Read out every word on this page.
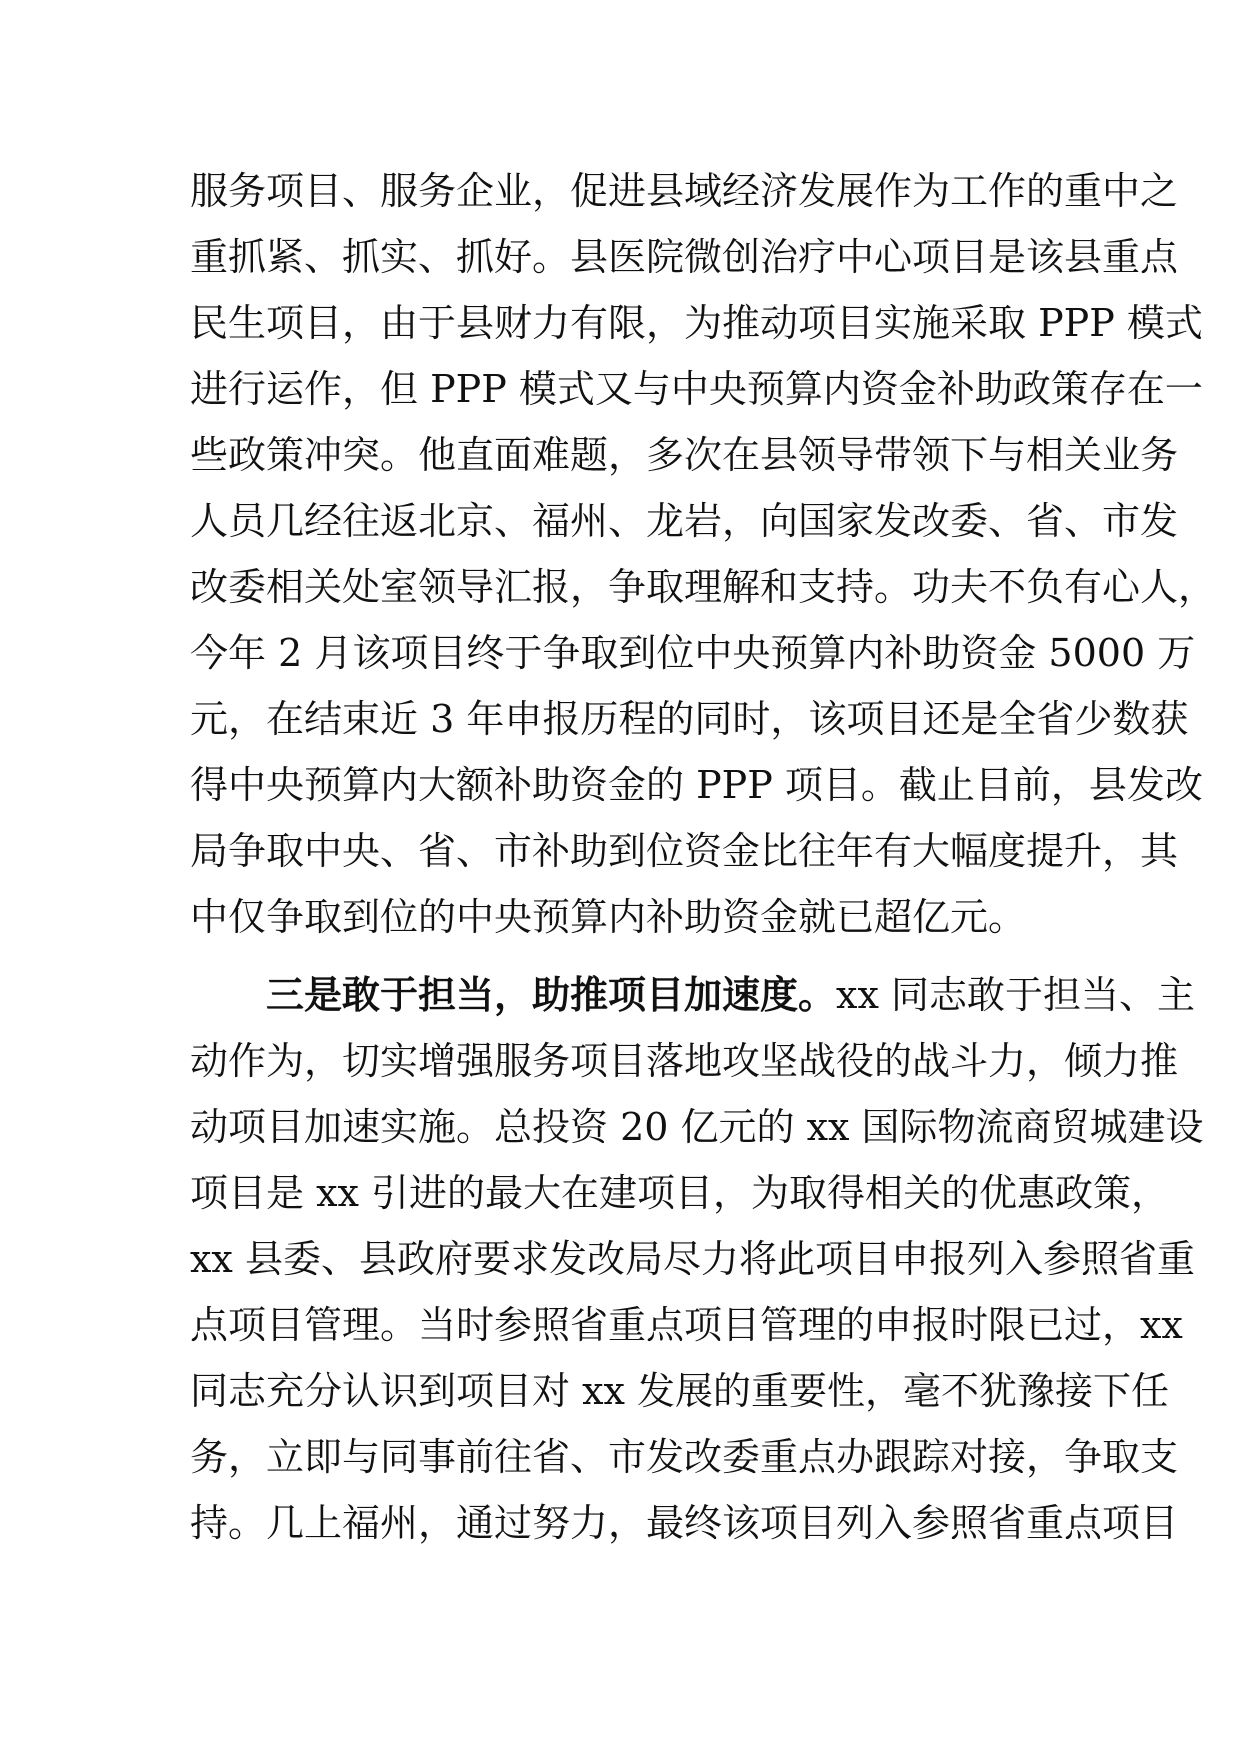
服务项目、服务企业，促进县域经济发展作为工作的重中之
重抓紧、抓实、抓好。县医院微创治疗中心项目是该县重点
民生项目，由于县财力有限，为推动项目实施采取 PPP 模式
进行运作，但 PPP 模式又与中央预算内资金补助政策存在一
些政策冲突。他直面难题，多次在县领导带领下与相关业务
人员几经往返北京、福州、龙岩，向国家发改委、省、市发
改委相关处室领导汇报，争取理解和支持。功夫不负有心人，
今年 2 月该项目终于争取到位中央预算内补助资金 5000 万
元，在结束近 3 年申报历程的同时，该项目还是全省少数获
得中央预算内大额补助资金的 PPP 项目。截止目前，县发改
局争取中央、省、市补助到位资金比往年有大幅度提升，其
中仅争取到位的中央预算内补助资金就已超亿元。
三是敢于担当，助推项目加速度。xx 同志敢于担当、主
动作为，切实增强服务项目落地攻坚战役的战斗力，倾力推
动项目加速实施。总投资 20 亿元的 xx 国际物流商贸城建设
项目是 xx 引进的最大在建项目，为取得相关的优惠政策，
xx 县委、县政府要求发改局尽力将此项目申报列入参照省重
点项目管理。当时参照省重点项目管理的申报时限已过，xx
同志充分认识到项目对 xx 发展的重要性，毫不犹豫接下任
务，立即与同事前往省、市发改委重点办跟踪对接，争取支
持。几上福州，通过努力，最终该项目列入参照省重点项目
